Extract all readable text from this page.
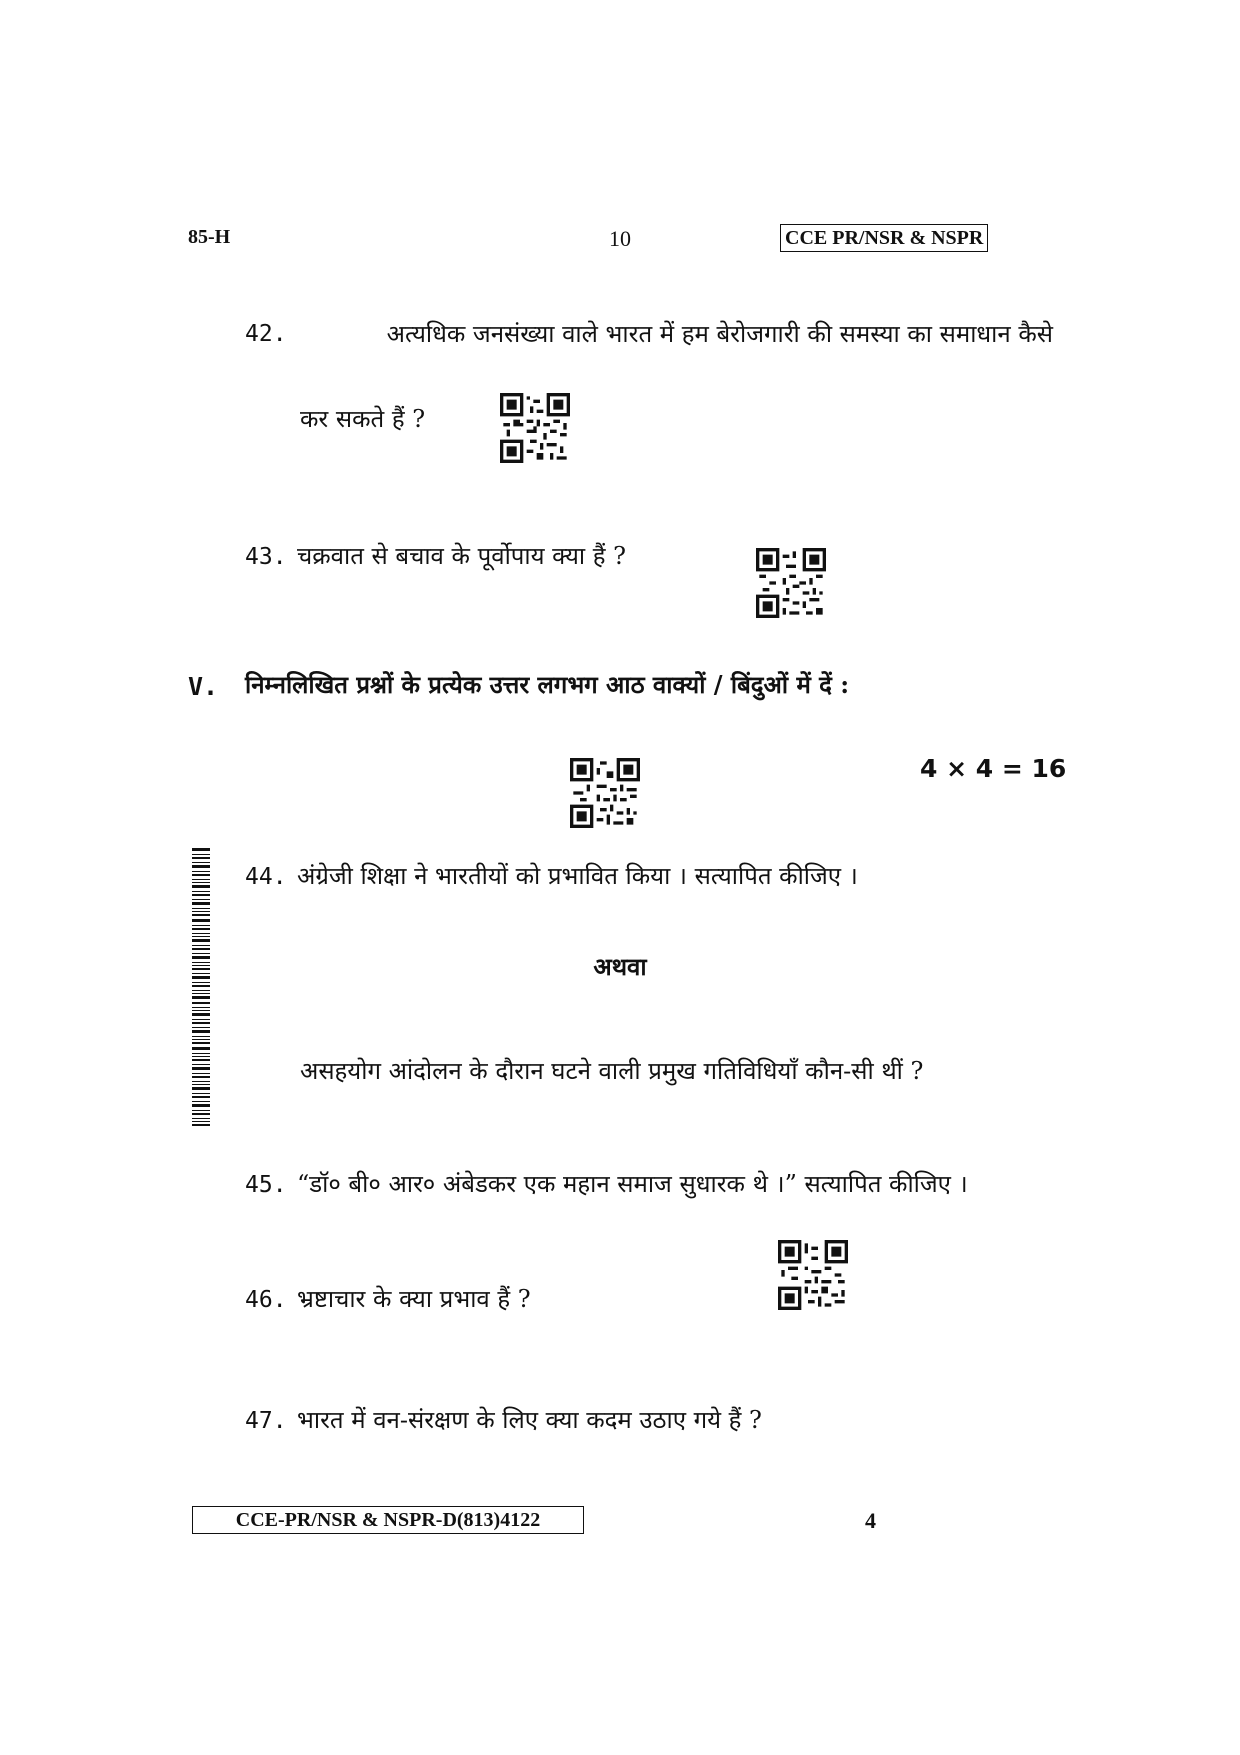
85-H	10	CCE PR/NSR & NSPR
42.	अत्यधिक जनसंख्या वाले भारत में हम बेरोजगारी की समस्या का समाधान कैसे
कर सकते हैं ?
43. चक्रवात से बचाव के पूर्वोपाय क्या हैं ?
V. निम्नलिखित प्रश्नों के प्रत्येक उत्तर लगभग आठ वाक्यों / बिंदुओं में दें :
4 × 4 = 16
44. अंग्रेजी शिक्षा ने भारतीयों को प्रभावित किया । सत्यापित कीजिए ।
अथवा
असहयोग आंदोलन के दौरान घटने वाली प्रमुख गतिविधियाँ कौन-सी थीं ?
45. “डॉ० बी० आर० अंबेडकर एक महान समाज सुधारक थे ।” सत्यापित कीजिए ।
46. भ्रष्टाचार के क्या प्रभाव हैं ?
47. भारत में वन-संरक्षण के लिए क्या कदम उठाए गये हैं ?
CCE-PR/NSR & NSPR-D(813)4122	4
